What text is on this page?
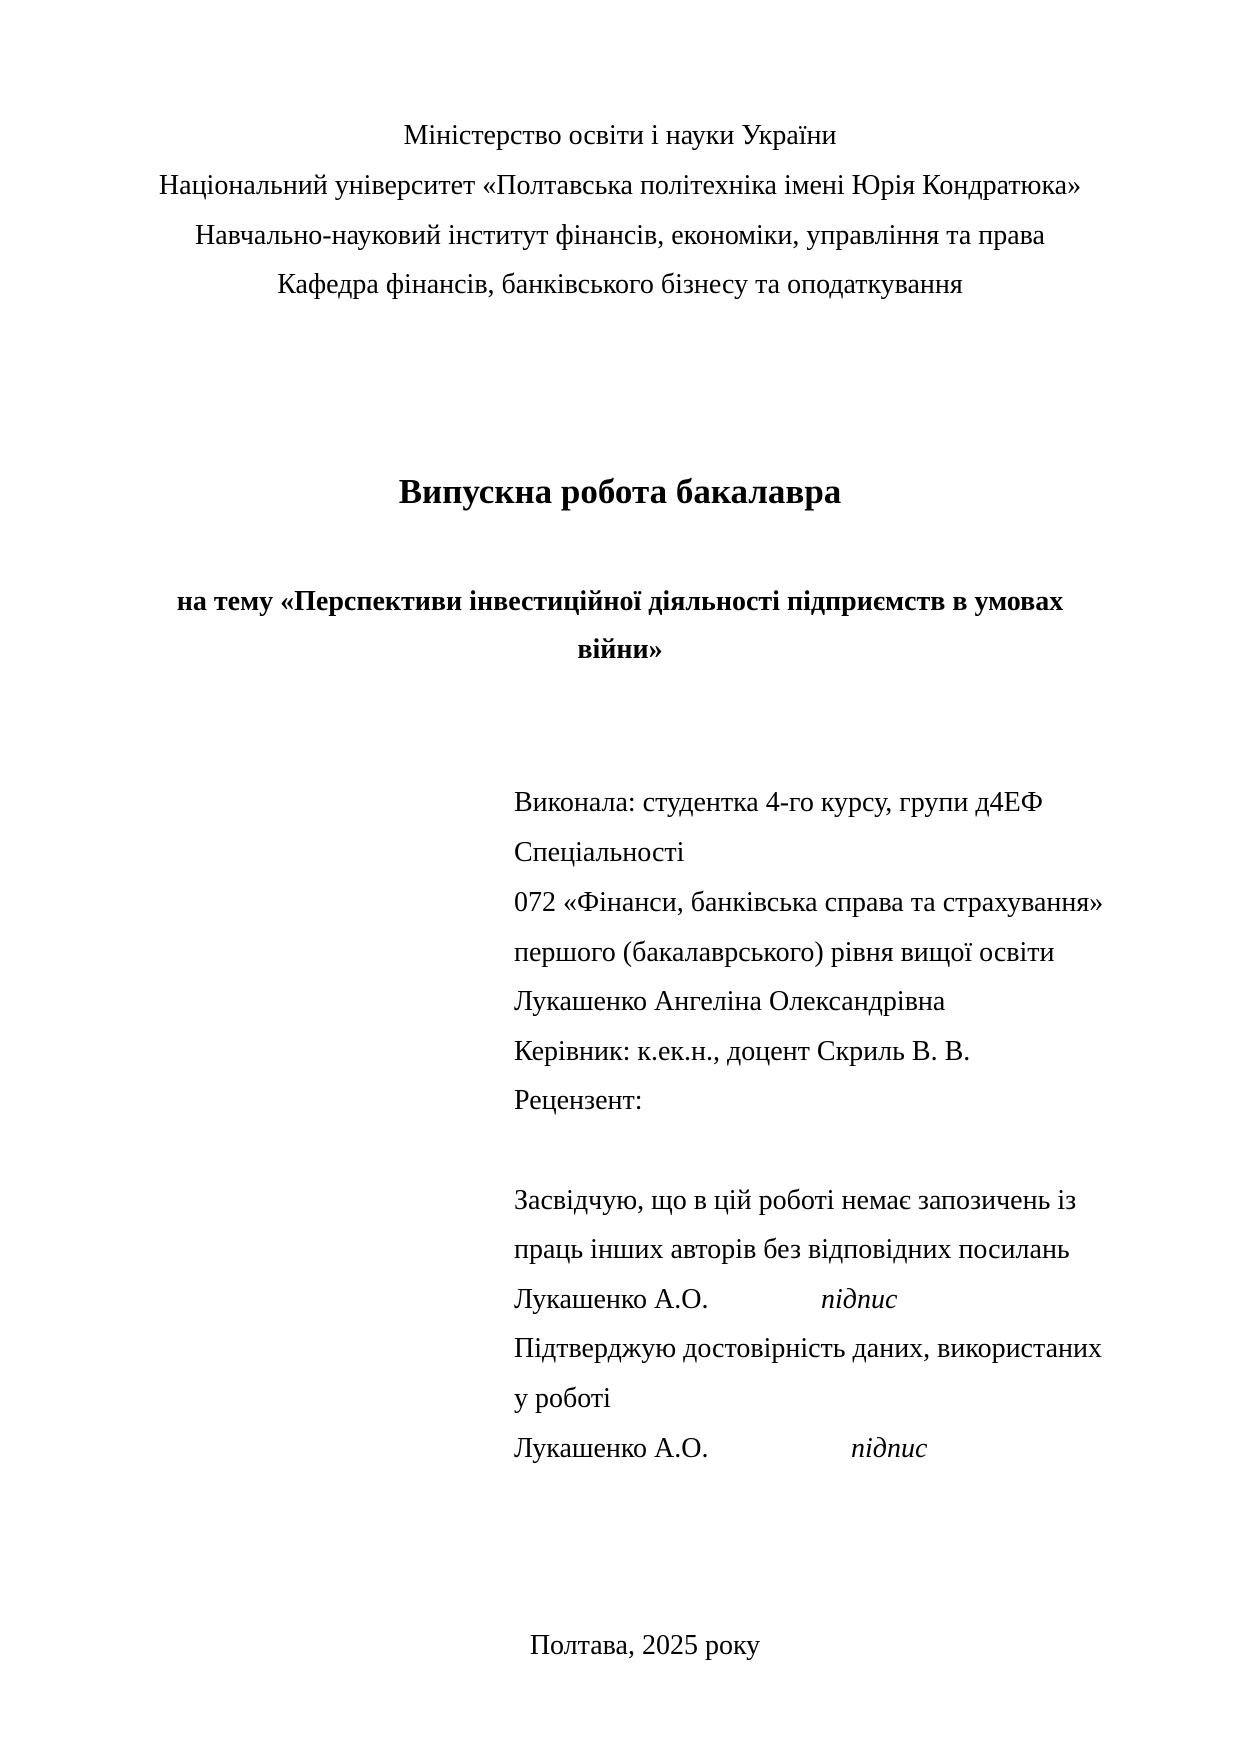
Міністерство освіти і науки України
Національний університет «Полтавська політехніка імені Юрія Кондратюка»
Навчально-науковий інститут фінансів, економіки, управління та права
Кафедра фінансів, банківського бізнесу та оподаткування
Випускна робота бакалавра
на тему «Перспективи інвестиційної діяльності підприємств в умовах
війни»
Виконала: студентка 4-го курсу, групи д4ЕФ
Спеціальності
072 «Фінанси, банківська справа та страхування»
першого (бакалаврського) рівня вищої освіти
Лукашенко Ангеліна Олександрівна
Керівник: к.ек.н., доцент Скриль В. В.
Рецензент:
Засвідчую, що в цій роботі немає запозичень із
праць інших авторів без відповідних посилань
Лукашенко А.О.	підпис
Підтверджую достовірність даних, використаних
у роботі
Лукашенко А.О.	підпис
Полтава, 2025 року
